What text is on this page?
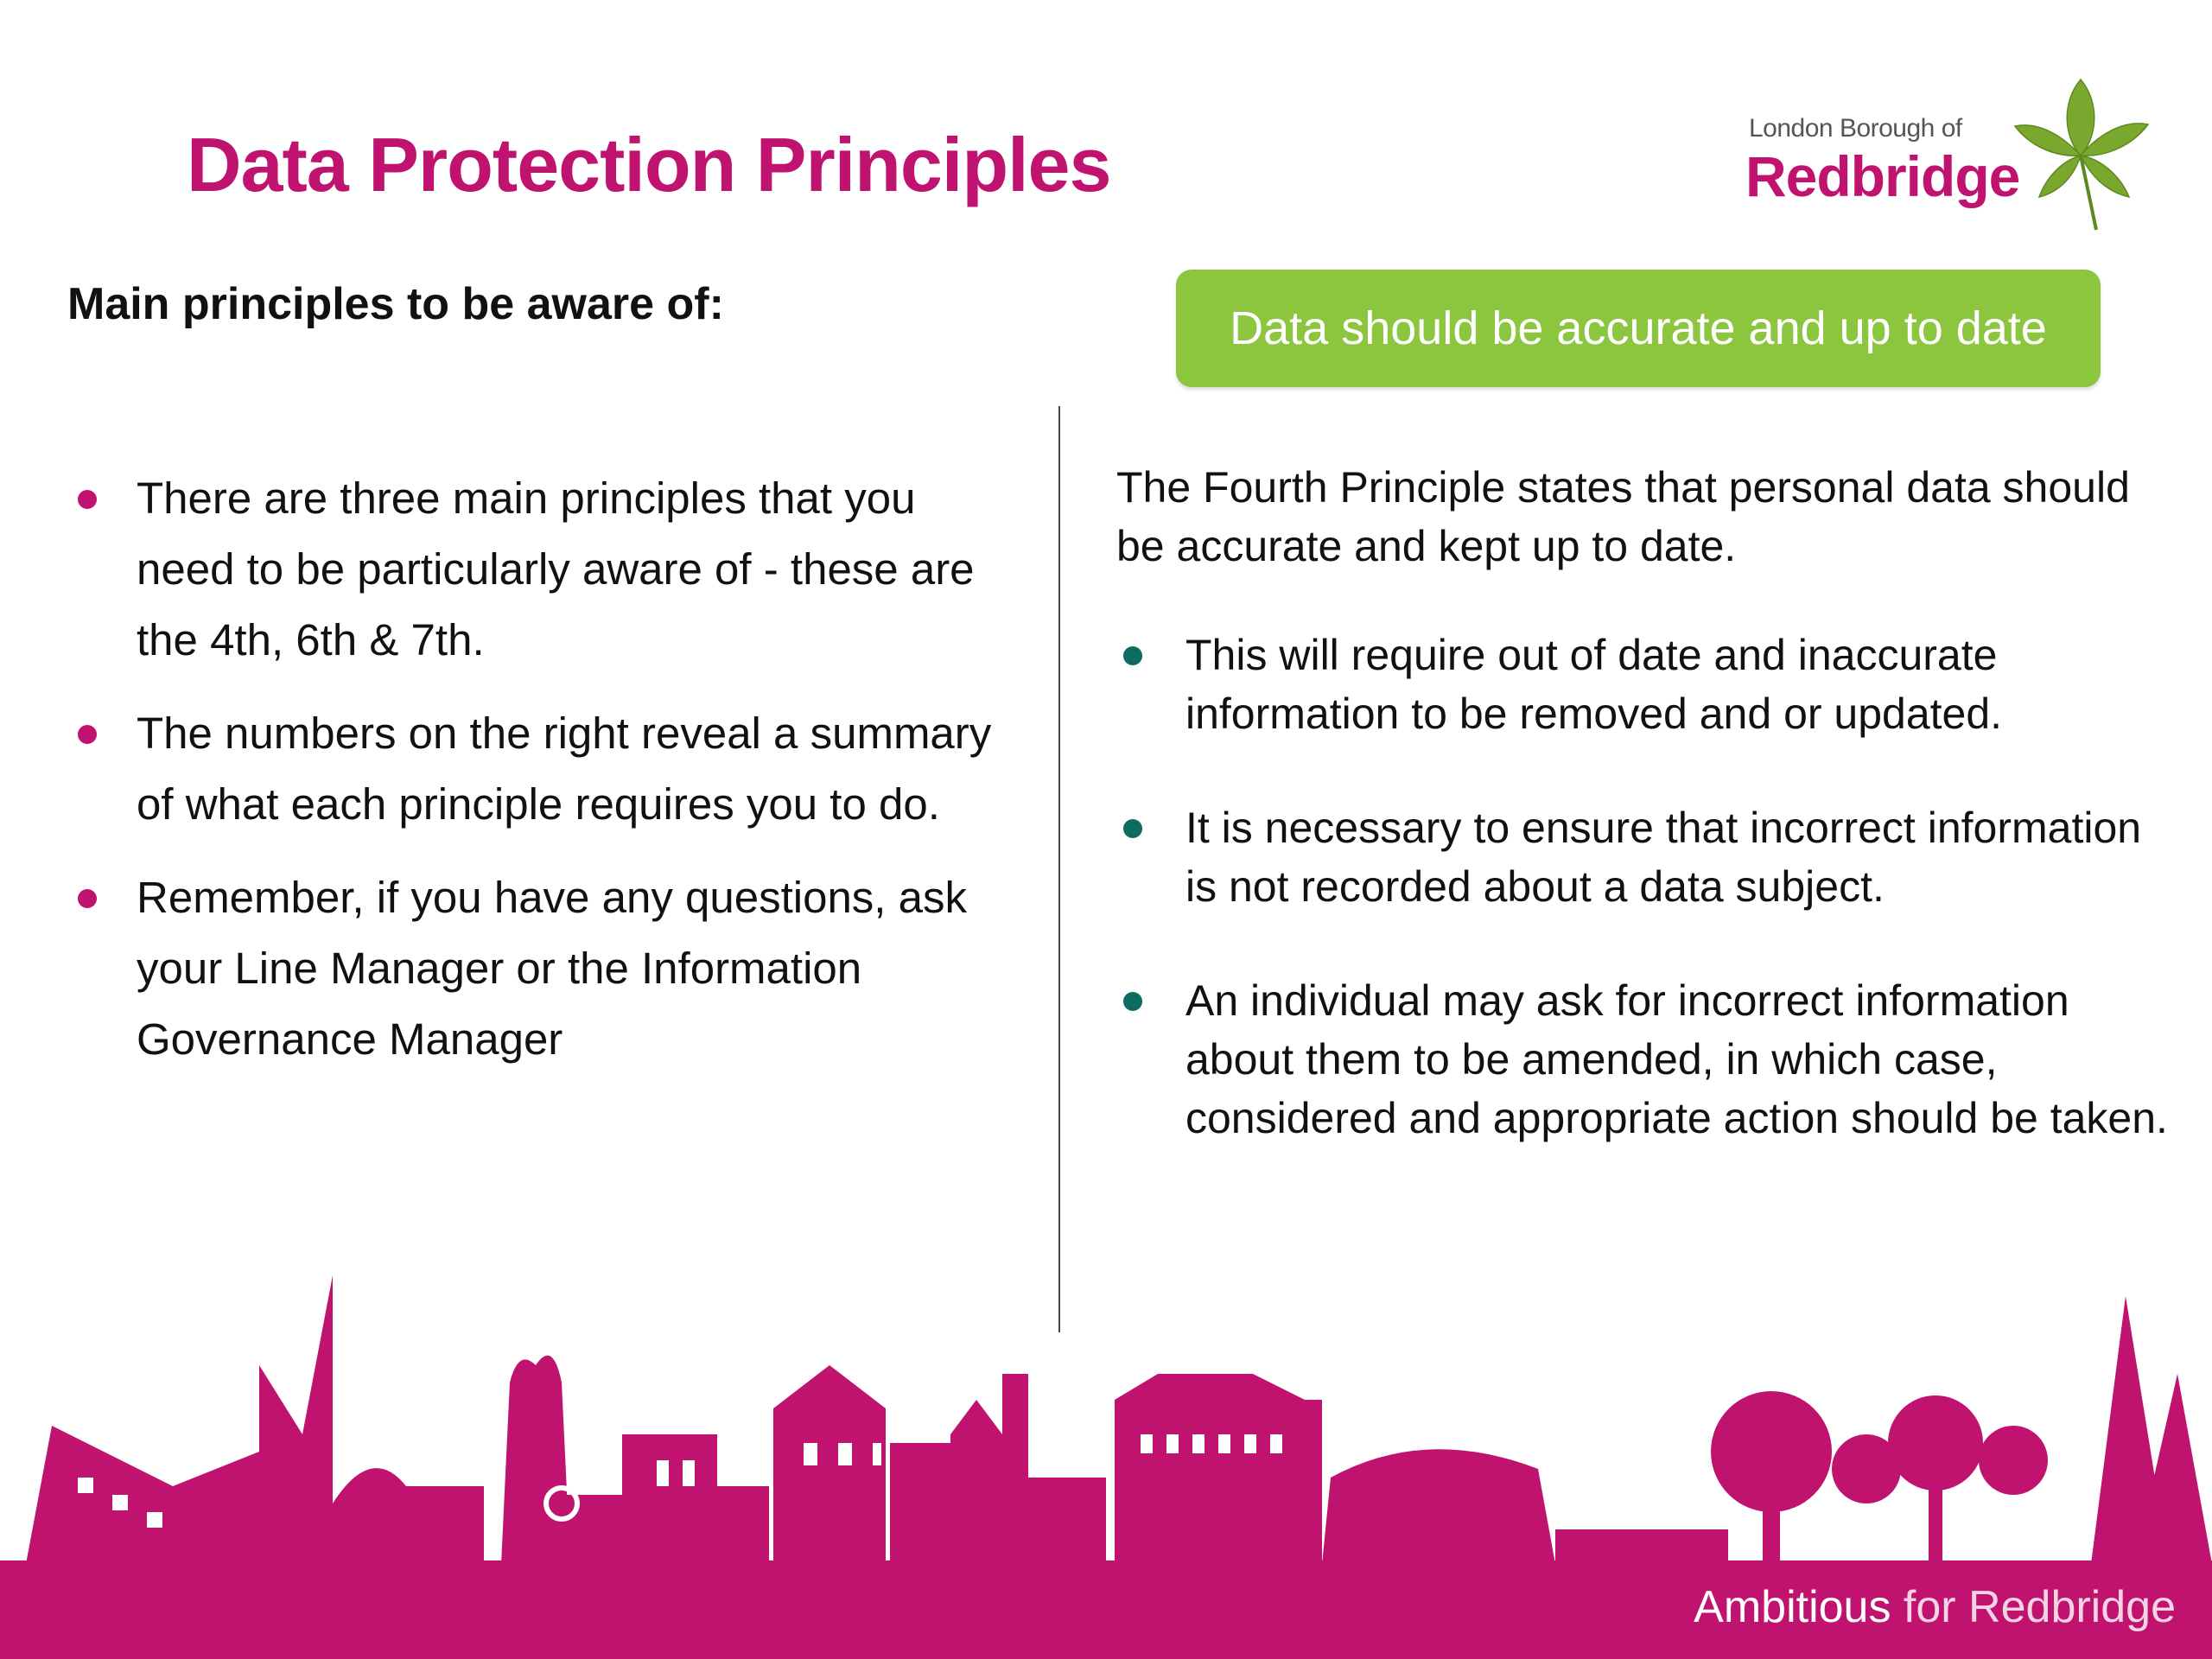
Data Protection Principles	London Borough of
Redbridge
Main principles to be aware of:
There are three main principles that you need to be particularly aware of - these are the 4th, 6th & 7th.
The numbers on the right reveal a summary of what each principle requires you to do.
Remember, if you have any questions, ask your Line Manager or the Information Governance Manager
Data should be accurate and up to date

The Fourth Principle states that personal data should be accurate and kept up to date.

This will require out of date and inaccurate information to be removed and or updated.
It is necessary to ensure that incorrect information is not recorded about a data subject.
An individual may ask for incorrect information about them to be amended, in which case, considered and appropriate action should be taken.
Ambitious for Redbridge
